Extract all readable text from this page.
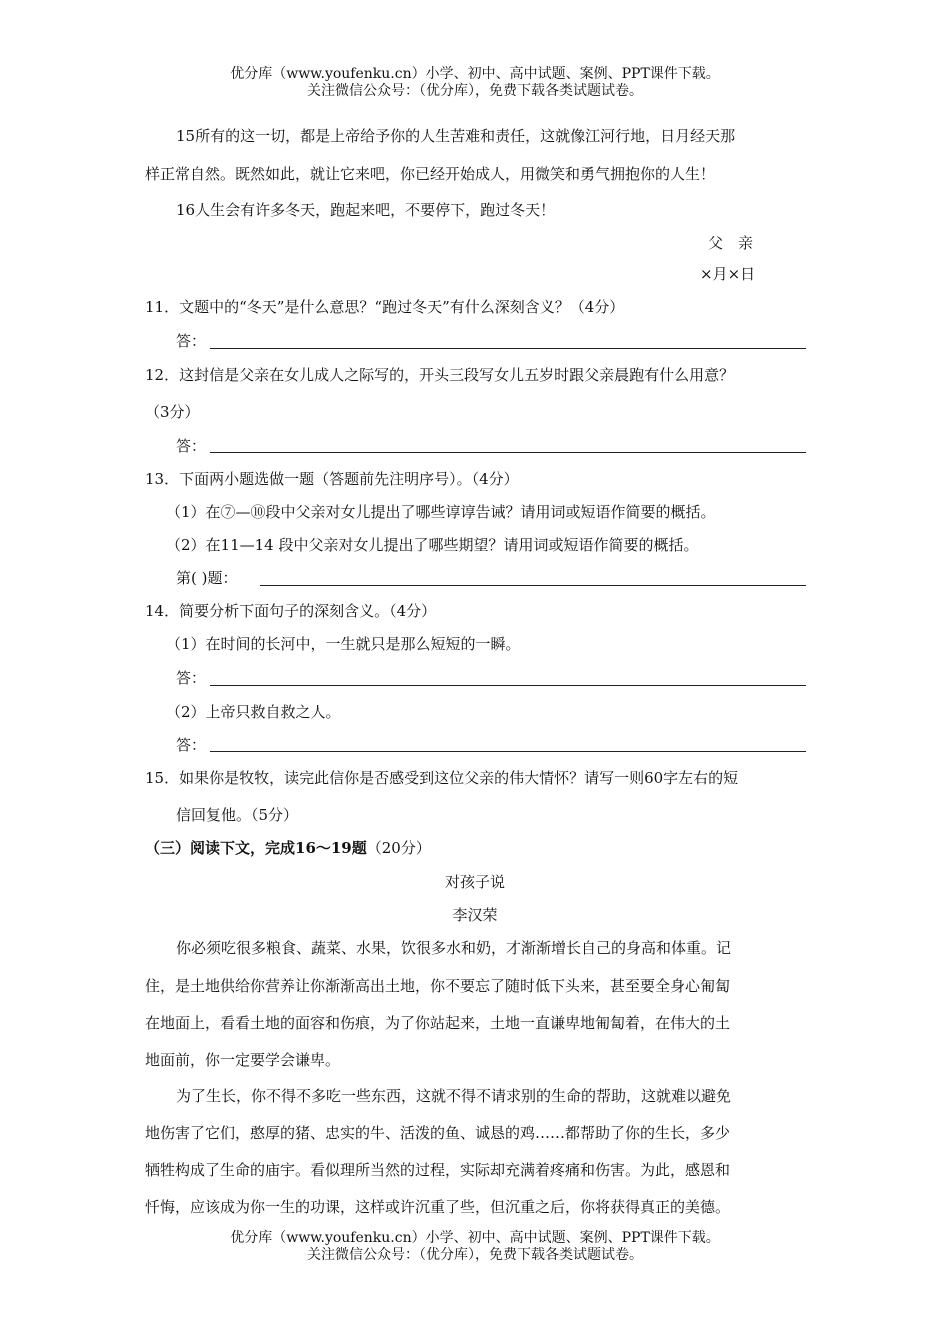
优分库（www.youfenku.cn）小学、初中、高中试题、案例、PPT课件下载。
关注微信公众号：（优分库），免费下载各类试题试卷。
15所有的这一切，都是上帝给予你的人生苦难和责任，这就像江河行地，日月经天那
样正常自然。既然如此，就让它来吧，你已经开始成人，用微笑和勇气拥抱你的人生！
16人生会有许多冬天，跑起来吧，不要停下，跑过冬天！
父　亲
×月×日
11．文题中的“冬天”是什么意思？“跑过冬天”有什么深刻含义？（4分）
答：
12．这封信是父亲在女儿成人之际写的，开头三段写女儿五岁时跟父亲晨跑有什么用意？
（3分）
答：
13．下面两小题选做一题（答题前先注明序号）。（4分）
（1）在⑦—⑩段中父亲对女儿提出了哪些谆谆告诫？请用词或短语作简要的概括。
（2）在11—14 段中父亲对女儿提出了哪些期望？请用词或短语作简要的概括。
第( )题：
14．简要分析下面句子的深刻含义。（4分）
（1）在时间的长河中，一生就只是那么短短的一瞬。
答：
（2）上帝只救自救之人。
答：
15．如果你是牧牧，读完此信你是否感受到这位父亲的伟大情怀？请写一则60字左右的短
信回复他。（5分）
（三）阅读下文，完成16～19题（20分）
对孩子说
李汉荣
你必须吃很多粮食、蔬菜、水果，饮很多水和奶，才渐渐增长自己的身高和体重。记
住，是土地供给你营养让你渐渐高出土地，你不要忘了随时低下头来，甚至要全身心匍匐
在地面上，看看土地的面容和伤痕，为了你站起来，土地一直谦卑地匍匐着，在伟大的土
地面前，你一定要学会谦卑。
为了生长，你不得不多吃一些东西，这就不得不请求别的生命的帮助，这就难以避免
地伤害了它们，憨厚的猪、忠实的牛、活泼的鱼、诚恳的鸡……都帮助了你的生长，多少
牺牲构成了生命的庙宇。看似理所当然的过程，实际却充满着疼痛和伤害。为此，感恩和
忏悔，应该成为你一生的功课，这样或许沉重了些，但沉重之后，你将获得真正的美德。
优分库（www.youfenku.cn）小学、初中、高中试题、案例、PPT课件下载。
关注微信公众号：（优分库），免费下载各类试题试卷。
